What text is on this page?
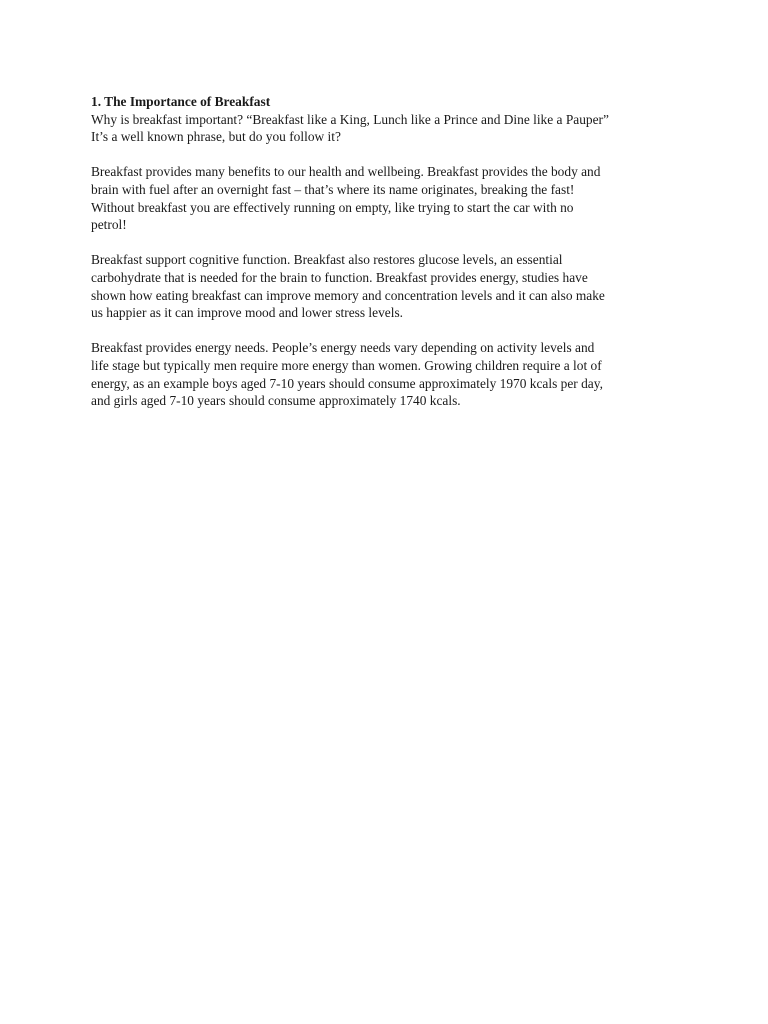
1. The Importance of Breakfast
Why is breakfast important? “Breakfast like a King, Lunch like a Prince and Dine like a Pauper”
It’s a well known phrase, but do you follow it?
Breakfast provides many benefits to our health and wellbeing. Breakfast provides the body and
brain with fuel after an overnight fast – that’s where its name originates, breaking the fast!
Without breakfast you are effectively running on empty, like trying to start the car with no
petrol!
Breakfast support cognitive function. Breakfast also restores glucose levels, an essential
carbohydrate that is needed for the brain to function. Breakfast provides energy, studies have
shown how eating breakfast can improve memory and concentration levels and it can also make
us happier as it can improve mood and lower stress levels.
Breakfast provides energy needs. People’s energy needs vary depending on activity levels and
life stage but typically men require more energy than women. Growing children require a lot of
energy, as an example boys aged 7-10 years should consume approximately 1970 kcals per day,
and girls aged 7-10 years should consume approximately 1740 kcals.
